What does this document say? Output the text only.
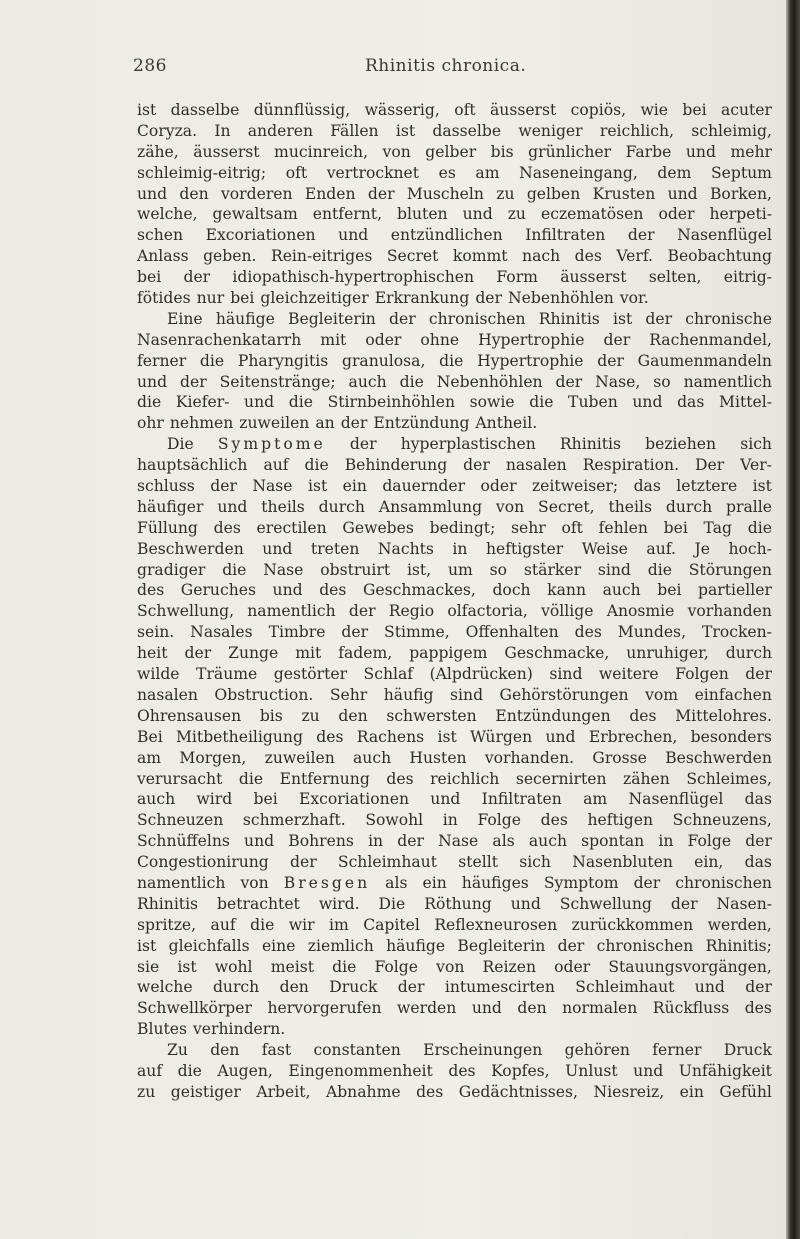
286	Rhinitis chronica.
ist dasselbe dünnflüssig, wässerig, oft äusserst copiös, wie bei acuter
Coryza. In anderen Fällen ist dasselbe weniger reichlich, schleimig,
zähe, äusserst mucinreich, von gelber bis grünlicher Farbe und mehr
schleimig-eitrig; oft vertrocknet es am Naseneingang, dem Septum
und den vorderen Enden der Muscheln zu gelben Krusten und Borken,
welche, gewaltsam entfernt, bluten und zu eczematösen oder herpeti-
schen Excoriationen und entzündlichen Infiltraten der Nasenflügel
Anlass geben. Rein-eitriges Secret kommt nach des Verf. Beobachtung
bei der idiopathisch-hypertrophischen Form äusserst selten, eitrig-
fötides nur bei gleichzeitiger Erkrankung der Nebenhöhlen vor.
Eine häufige Begleiterin der chronischen Rhinitis ist der chronische
Nasenrachenkatarrh mit oder ohne Hypertrophie der Rachenmandel,
ferner die Pharyngitis granulosa, die Hypertrophie der Gaumenmandeln
und der Seitenstränge; auch die Nebenhöhlen der Nase, so namentlich
die Kiefer- und die Stirnbeinhöhlen sowie die Tuben und das Mittel-
ohr nehmen zuweilen an der Entzündung Antheil.
Die Symptome der hyperplastischen Rhinitis beziehen sich
hauptsächlich auf die Behinderung der nasalen Respiration. Der Ver-
schluss der Nase ist ein dauernder oder zeitweiser; das letztere ist
häufiger und theils durch Ansammlung von Secret, theils durch pralle
Füllung des erectilen Gewebes bedingt; sehr oft fehlen bei Tag die
Beschwerden und treten Nachts in heftigster Weise auf. Je hoch-
gradiger die Nase obstruirt ist, um so stärker sind die Störungen
des Geruches und des Geschmackes, doch kann auch bei partieller
Schwellung, namentlich der Regio olfactoria, völlige Anosmie vorhanden
sein. Nasales Timbre der Stimme, Offenhalten des Mundes, Trocken-
heit der Zunge mit fadem, pappigem Geschmacke, unruhiger, durch
wilde Träume gestörter Schlaf (Alpdrücken) sind weitere Folgen der
nasalen Obstruction. Sehr häufig sind Gehörstörungen vom einfachen
Ohrensausen bis zu den schwersten Entzündungen des Mittelohres.
Bei Mitbetheiligung des Rachens ist Würgen und Erbrechen, besonders
am Morgen, zuweilen auch Husten vorhanden. Grosse Beschwerden
verursacht die Entfernung des reichlich secernirten zähen Schleimes,
auch wird bei Excoriationen und Infiltraten am Nasenflügel das
Schneuzen schmerzhaft. Sowohl in Folge des heftigen Schneuzens,
Schnüffelns und Bohrens in der Nase als auch spontan in Folge der
Congestionirung der Schleimhaut stellt sich Nasenbluten ein, das
namentlich von Bresgen als ein häufiges Symptom der chronischen
Rhinitis betrachtet wird. Die Röthung und Schwellung der Nasen-
spritze, auf die wir im Capitel Reflexneurosen zurückkommen werden,
ist gleichfalls eine ziemlich häufige Begleiterin der chronischen Rhinitis;
sie ist wohl meist die Folge von Reizen oder Stauungsvorgängen,
welche durch den Druck der intumescirten Schleimhaut und der
Schwellkörper hervorgerufen werden und den normalen Rückfluss des
Blutes verhindern.
Zu den fast constanten Erscheinungen gehören ferner Druck
auf die Augen, Eingenommenheit des Kopfes, Unlust und Unfähigkeit
zu geistiger Arbeit, Abnahme des Gedächtnisses, Niesreiz, ein Gefühl
